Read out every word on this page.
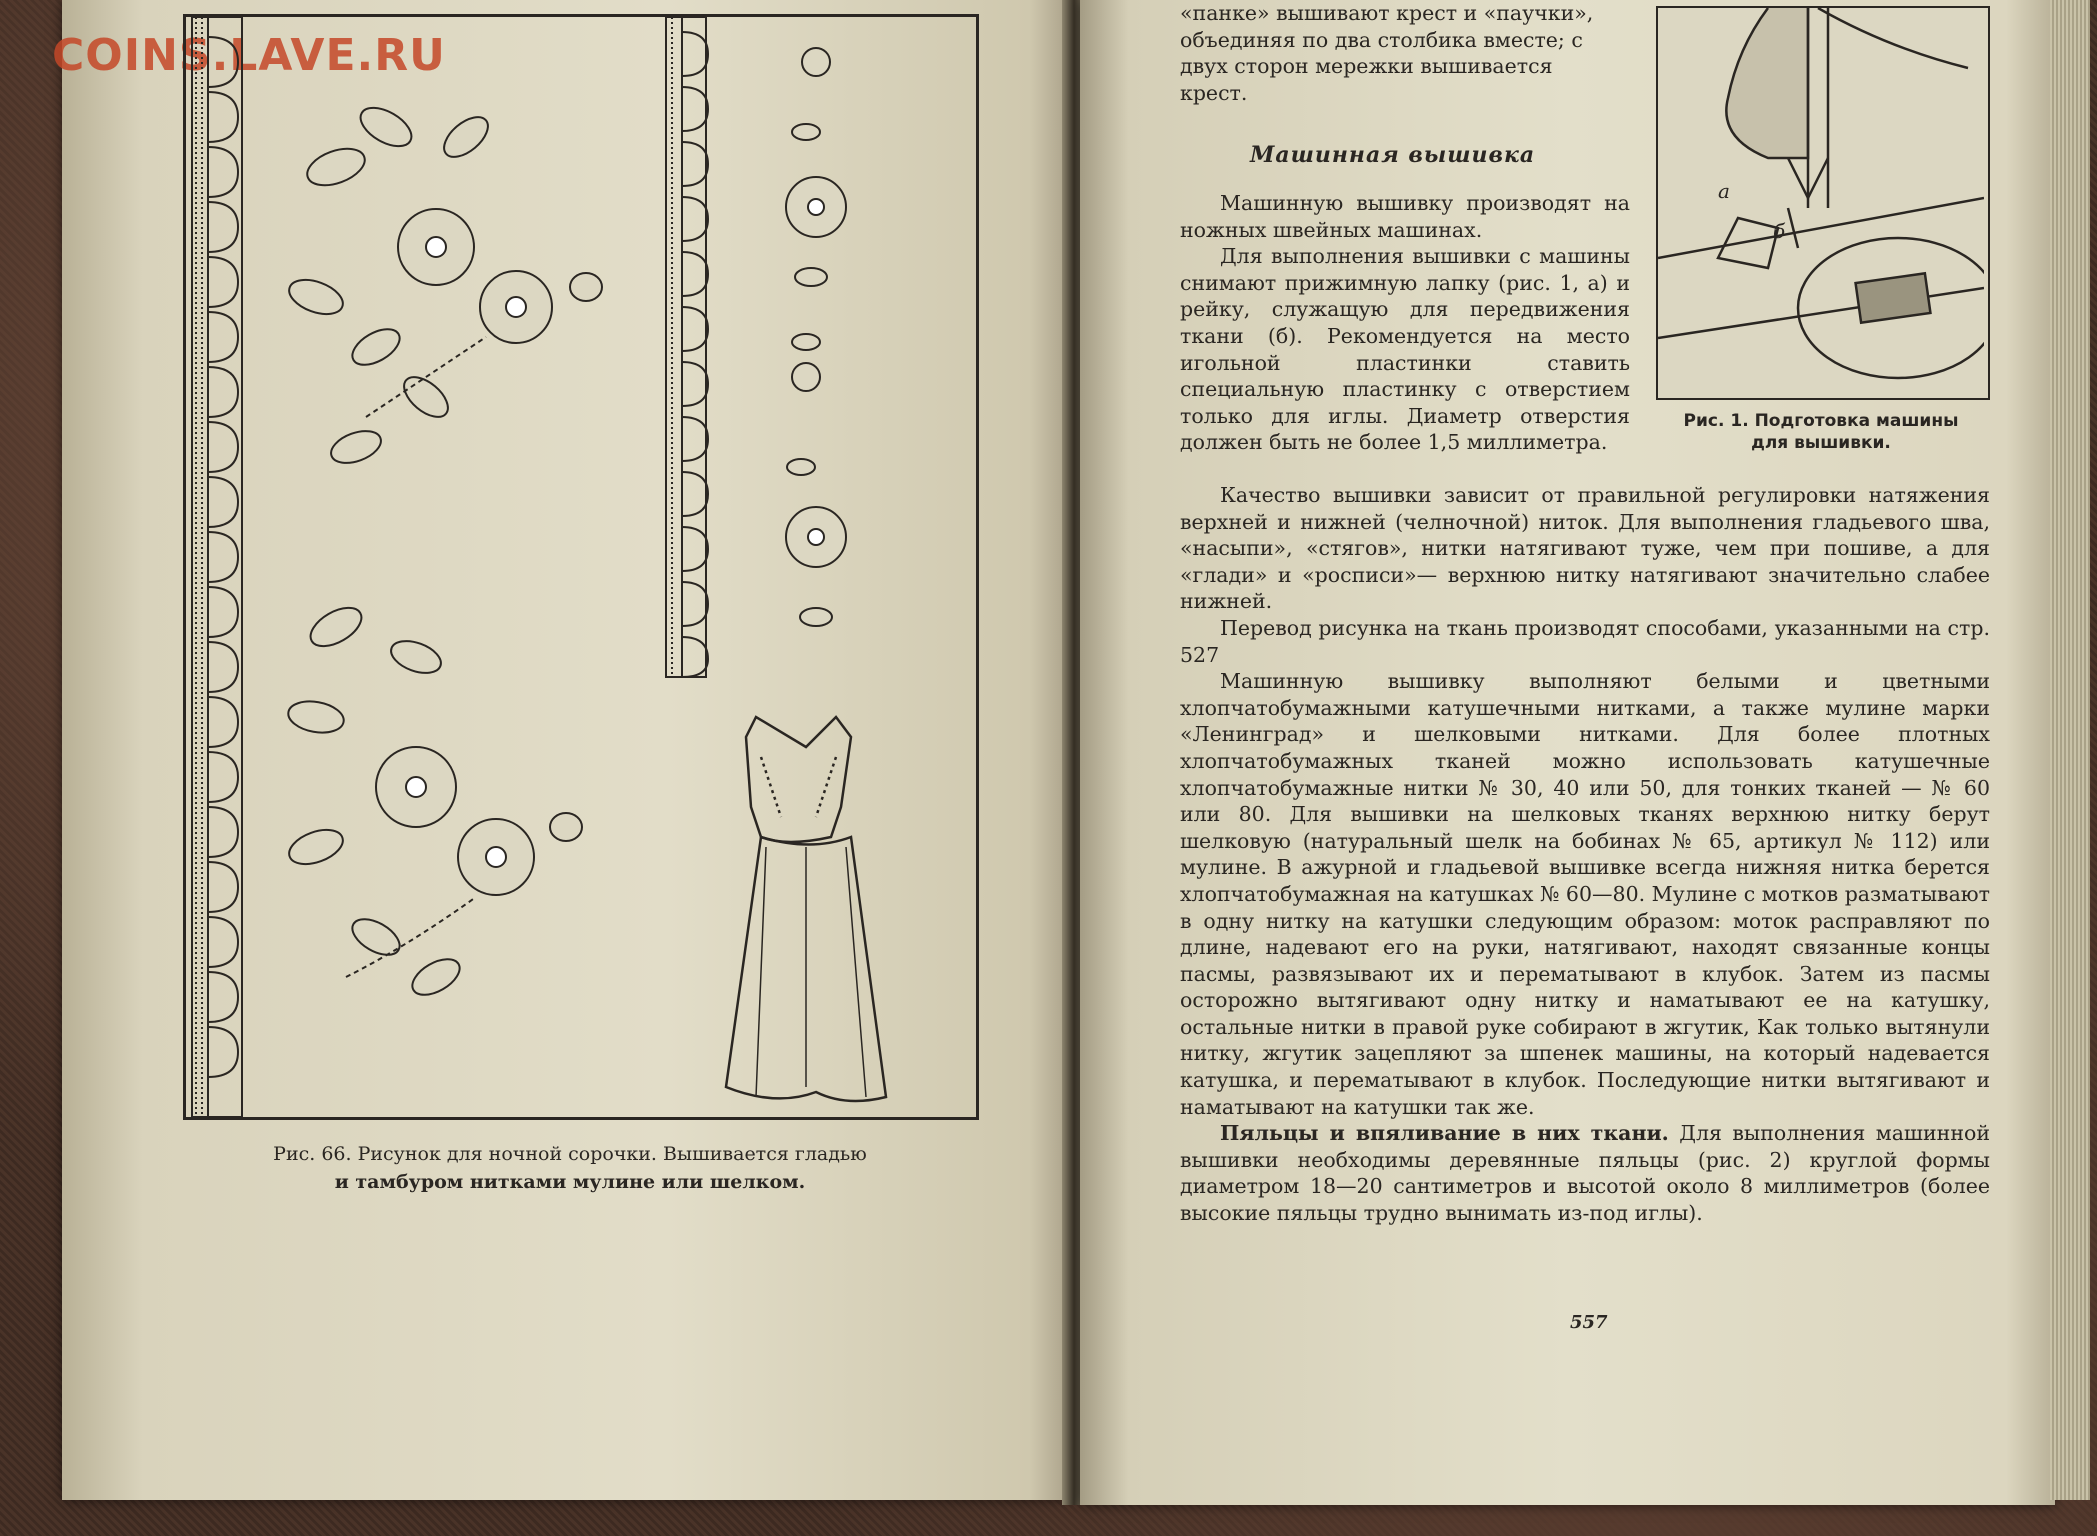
COINS.LAVE.RU
Рис. 66. Рисунок для ночной сорочки. Вышивается гладью
и тамбуром нитками мулине или шелком.

«панке» вышивают крест и «паучки»,

объединяя по два столбика вместе; с

двух сторон мережки вышивается

крест.

Машинная вышивка

Машинную вышивку производят на ножных швейных машинах.

Для выполнения вышивки с машины снимают прижимную лапку (рис. 1, а) и рейку, служащую для передвижения ткани (б). Рекомендуется на место игольной пластинки ставить специальную пластинку с отверстием только для иглы. Диаметр отверстия должен быть не более 1,5 миллиметра.

а
б
Рис. 1. Подготовка машины
для вышивки.

Качество вышивки зависит от правильной регулировки натяжения верхней и нижней (челночной) ниток. Для выполнения гладьевого шва, «насыпи», «стягов», нитки натягивают туже, чем при пошиве, а для «глади» и «росписи»— верхнюю нитку натягивают значительно слабее нижней.

Перевод рисунка на ткань производят способами, указанными на стр. 527

Машинную вышивку выполняют белыми и цветными хлопчатобумажными катушечными нитками, а также мулине марки «Ленинград» и шелковыми нитками. Для более плотных хлопчатобумажных тканей можно использовать катушечные хлопчатобумажные нитки № 30, 40 или 50, для тонких тканей — № 60 или 80. Для вышивки на шелковых тканях верхнюю нитку берут шелковую (натуральный шелк на бобинах № 65, артикул № 112) или мулине. В ажурной и гладьевой вышивке всегда нижняя нитка берется хлопчатобумажная на катушках № 60—80. Мулине с мотков разматывают в одну нитку на катушки следующим образом: моток расправляют по длине, надевают его на руки, натягивают, находят связанные концы пасмы, развязывают их и перематывают в клубок. Затем из пасмы осторожно вытягивают одну нитку и наматывают ее на катушку, остальные нитки в правой руке собирают в жгутик, Как только вытянули нитку, жгутик зацепляют за шпенек машины, на который надевается катушка, и перематывают в клубок. Последующие нитки вытягивают и наматывают на катушки так же.

Пяльцы и впяливание в них ткани. Для выполнения машинной вышивки необходимы деревянные пяльцы (рис. 2) круглой формы диаметром 18—20 сантиметров и высотой около 8 миллиметров (более высокие пяльцы трудно вынимать из-под иглы).

557
